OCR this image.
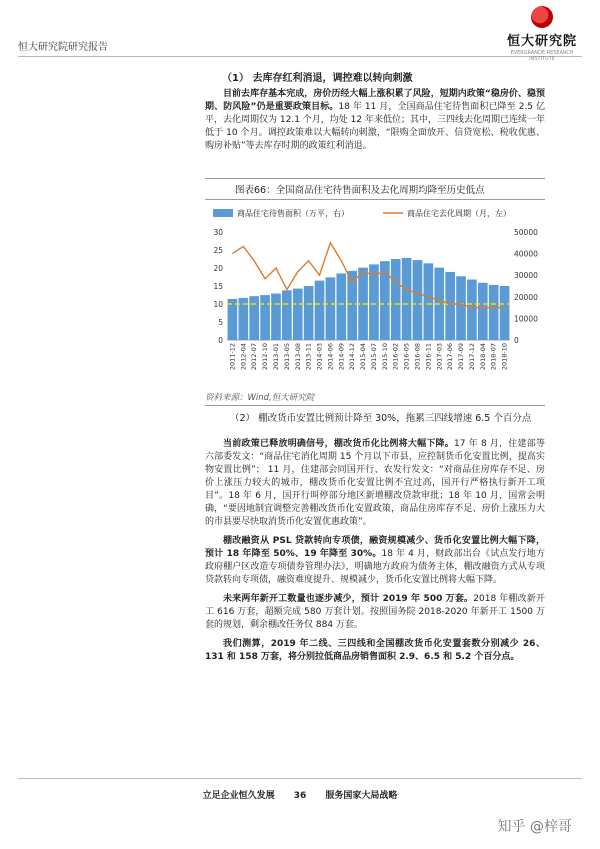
恒大研究院研究报告	恒大研究院
EVERGRANDE RESEARCH INSTITUTE
（1） 去库存红利消退，调控难以转向刺激
目前去库存基本完成，房价历经大幅上涨积累了风险，短期内政策“稳房价、稳预期、防风险”仍是重要政策目标。18 年 11 月，全国商品住宅待售面积已降至 2.5 亿平，去化周期仅为 12.1 个月，均处 12 年来低位；其中，三四线去化周期已连续一年低于 10 个月。调控政策难以大幅转向刺激，“限购全面放开、信贷宽松、税收优惠、购房补贴”等去库存时期的政策红利消退。
图表66：全国商品住宅待售面积及去化周期均降至历史低点
商品住宅待售面积（万平，右）	商品住宅去化周期（月，左）
0
5
10
15
20
25
30
0
10000
20000
30000
40000
50000
2011-12 2012-04 2012-07 2012-10 2013-01 2013-05 2013-08 2013-11 2014-03 2014-06 2014-09 2014-12 2015-04 2015-07 2015-10 2016-02 2016-05 2016-08 2016-11 2017-03 2017-06 2017-09 2017-12 2018-04 2018-07 2018-10
资料来源：Wind,恒大研究院
（2） 棚改货币安置比例预计降至 30%，拖累三四线增速 6.5 个百分点
当前政策已释放明确信号，棚改货币化比例将大幅下降。17 年 8 月，住建部等六部委发文：“商品住宅消化周期 15 个月以下市县，应控制货币化安置比例，提高实物安置比例”； 11 月，住建部会同国开行、农发行发文：“对商品住房库存不足、房价上涨压力较大的城市，棚改货币化安置比例不宜过高，国开行严格执行新开工项目”。18 年 6 月，国开行叫停部分地区新增棚改贷款审批；18 年 10 月，国常会明确，“要因地制宜调整完善棚改货币化安置政策，商品住房库存不足、房价上涨压力大的市县要尽快取消货币化安置优惠政策”。
棚改融资从 PSL 贷款转向专项债，融资规模减少、货币化安置比例大幅下降，预计 18 年降至 50%、19 年降至 30%。18 年 4 月，财政部出台《试点发行地方政府棚户区改造专项债券管理办法》，明确地方政府为债务主体，棚改融资方式从专项贷款转向专项债，融资难度提升、规模减少，货币化安置比例将大幅下降。
未来两年新开工数量也逐步减少，预计 2019 年 500 万套。2018 年棚改新开工 616 万套，超额完成 580 万套计划。按照国务院 2018-2020 年新开工 1500 万套的规划，剩余棚改任务仅 884 万套。
我们测算，2019 年二线、三四线和全国棚改货币化安置套数分别减少 26、131 和 158 万套，将分别拉低商品房销售面积 2.9、6.5 和 5.2 个百分点。
立足企业恒久发展 36 服务国家大局战略
知乎 @梓哥
